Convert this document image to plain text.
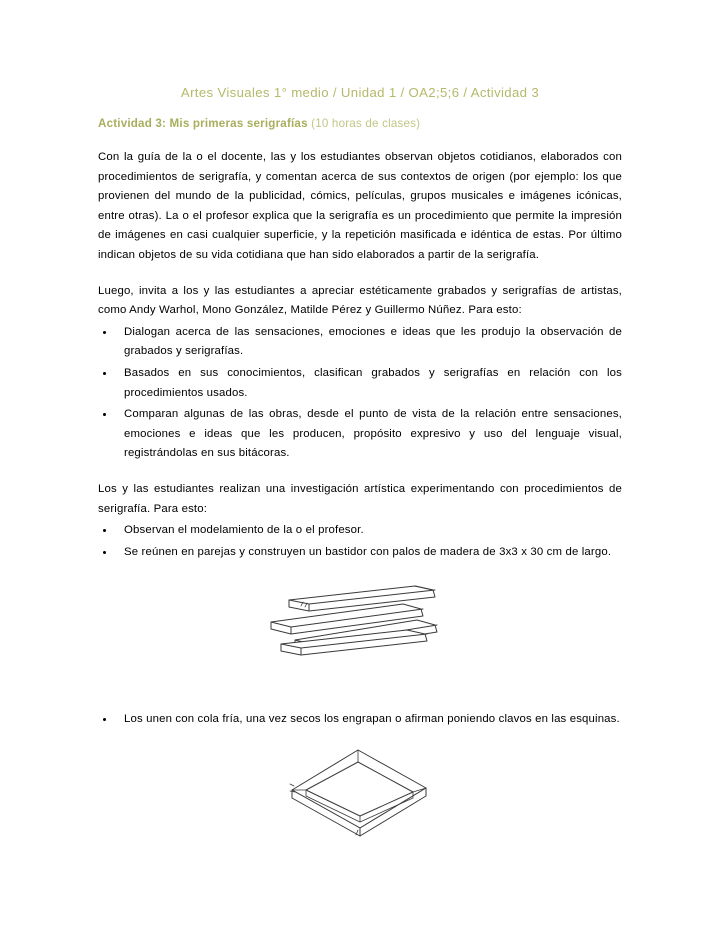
Artes Visuales 1° medio / Unidad 1 / OA2;5;6 / Actividad 3
Actividad 3: Mis primeras serigrafías (10 horas de clases)

Con la guía de la o el docente, las y los estudiantes observan objetos cotidianos, elaborados con procedimientos de serigrafía, y comentan acerca de sus contextos de origen (por ejemplo: los que provienen del mundo de la publicidad, cómics, películas, grupos musicales e imágenes icónicas, entre otras). La o el profesor explica que la serigrafía es un procedimiento que permite la impresión de imágenes en casi cualquier superficie, y la repetición masificada e idéntica de estas. Por último indican objetos de su vida cotidiana que han sido elaborados a partir de la serigrafía.

Luego, invita a los y las estudiantes a apreciar estéticamente grabados y serigrafías de artistas, como Andy Warhol, Mono González, Matilde Pérez y Guillermo Núñez. Para esto:

Dialogan acerca de las sensaciones, emociones e ideas que les produjo la observación de grabados y serigrafías.
Basados en sus conocimientos, clasifican grabados y serigrafías en relación con los procedimientos usados.
Comparan algunas de las obras, desde el punto de vista de la relación entre sensaciones, emociones e ideas que les producen, propósito expresivo y uso del lenguaje visual, registrándolas en sus bitácoras.

Los y las estudiantes realizan una investigación artística experimentando con procedimientos de serigrafía. Para esto:

Observan el modelamiento de la o el profesor.
Se reúnen en parejas y construyen un bastidor con palos de madera de 3x3 x 30 cm de largo.
Los unen con cola fría, una vez secos los engrapan o afirman poniendo clavos en las esquinas.
